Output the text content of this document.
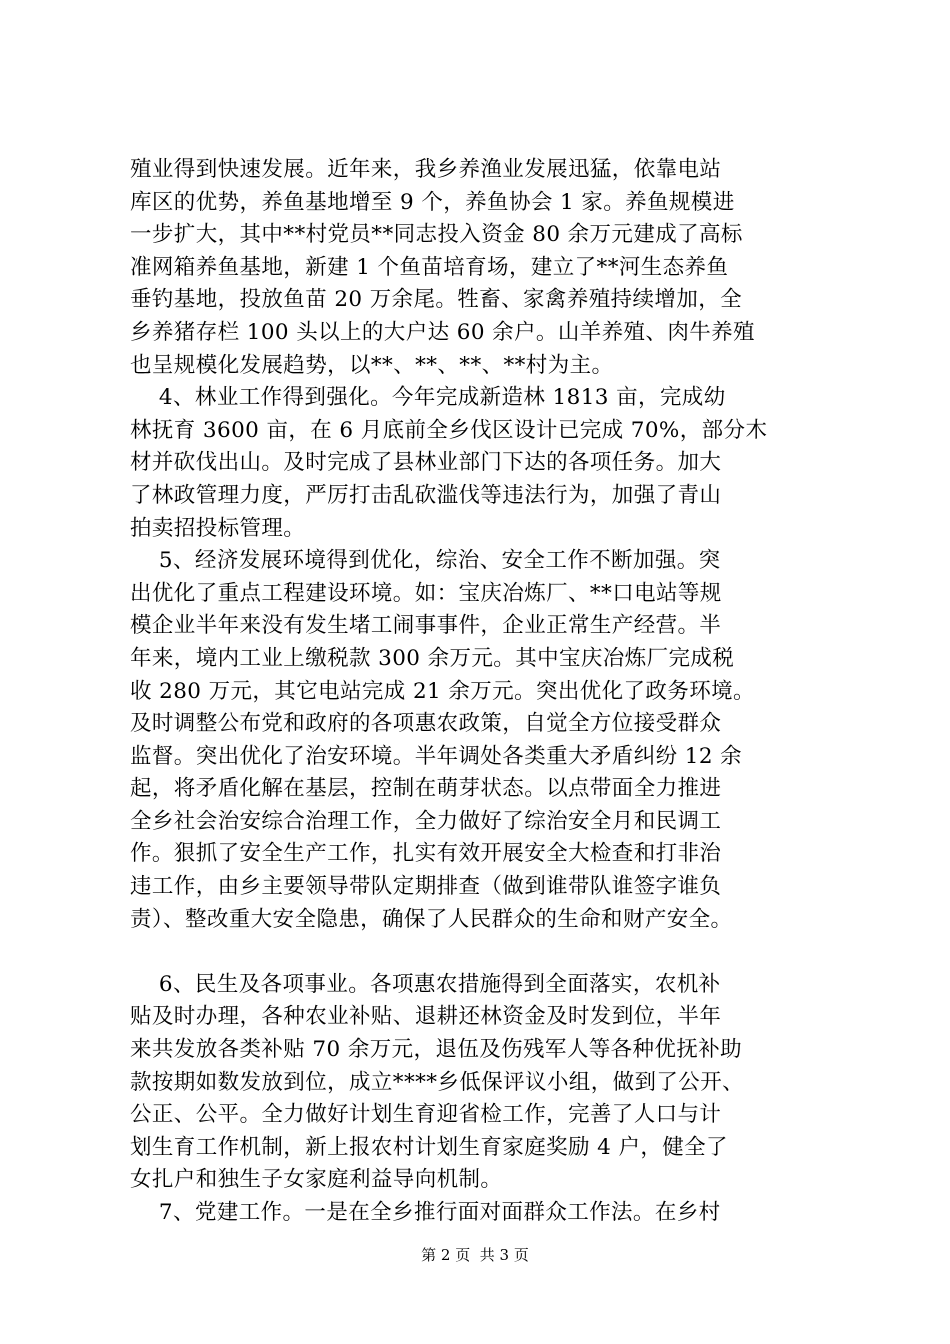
殖业得到快速发展。近年来，我乡养渔业发展迅猛，依靠电站
库区的优势，养鱼基地增至 9 个，养鱼协会 1 家。养鱼规模进
一步扩大，其中**村党员**同志投入资金 80 余万元建成了高标
准网箱养鱼基地，新建 1 个鱼苗培育场，建立了**河生态养鱼
垂钓基地，投放鱼苗 20 万余尾。牲畜、家禽养殖持续增加，全
乡养猪存栏 100 头以上的大户达 60 余户。山羊养殖、肉牛养殖
也呈规模化发展趋势，以**、**、**、**村为主。
4、林业工作得到强化。今年完成新造林 1813 亩，完成幼
林抚育 3600 亩，在 6 月底前全乡伐区设计已完成 70%，部分木
材并砍伐出山。及时完成了县林业部门下达的各项任务。加大
了林政管理力度，严厉打击乱砍滥伐等违法行为，加强了青山
拍卖招投标管理。
5、经济发展环境得到优化，综治、安全工作不断加强。突
出优化了重点工程建设环境。如：宝庆冶炼厂、**口电站等规
模企业半年来没有发生堵工闹事事件，企业正常生产经营。半
年来，境内工业上缴税款 300 余万元。其中宝庆冶炼厂完成税
收 280 万元，其它电站完成 21 余万元。突出优化了政务环境。
及时调整公布党和政府的各项惠农政策，自觉全方位接受群众
监督。突出优化了治安环境。半年调处各类重大矛盾纠纷 12 余
起，将矛盾化解在基层，控制在萌芽状态。以点带面全力推进
全乡社会治安综合治理工作，全力做好了综治安全月和民调工
作。狠抓了安全生产工作，扎实有效开展安全大检查和打非治
违工作，由乡主要领导带队定期排查（做到谁带队谁签字谁负
责）、整改重大安全隐患，确保了人民群众的生命和财产安全。
6、民生及各项事业。各项惠农措施得到全面落实，农机补
贴及时办理，各种农业补贴、退耕还林资金及时发到位，半年
来共发放各类补贴 70 余万元，退伍及伤残军人等各种优抚补助
款按期如数发放到位，成立****乡低保评议小组，做到了公开、
公正、公平。全力做好计划生育迎省检工作，完善了人口与计
划生育工作机制，新上报农村计划生育家庭奖励 4 户，健全了
女扎户和独生子女家庭利益导向机制。
7、党建工作。一是在全乡推行面对面群众工作法。在乡村
第 2 页  共 3 页
